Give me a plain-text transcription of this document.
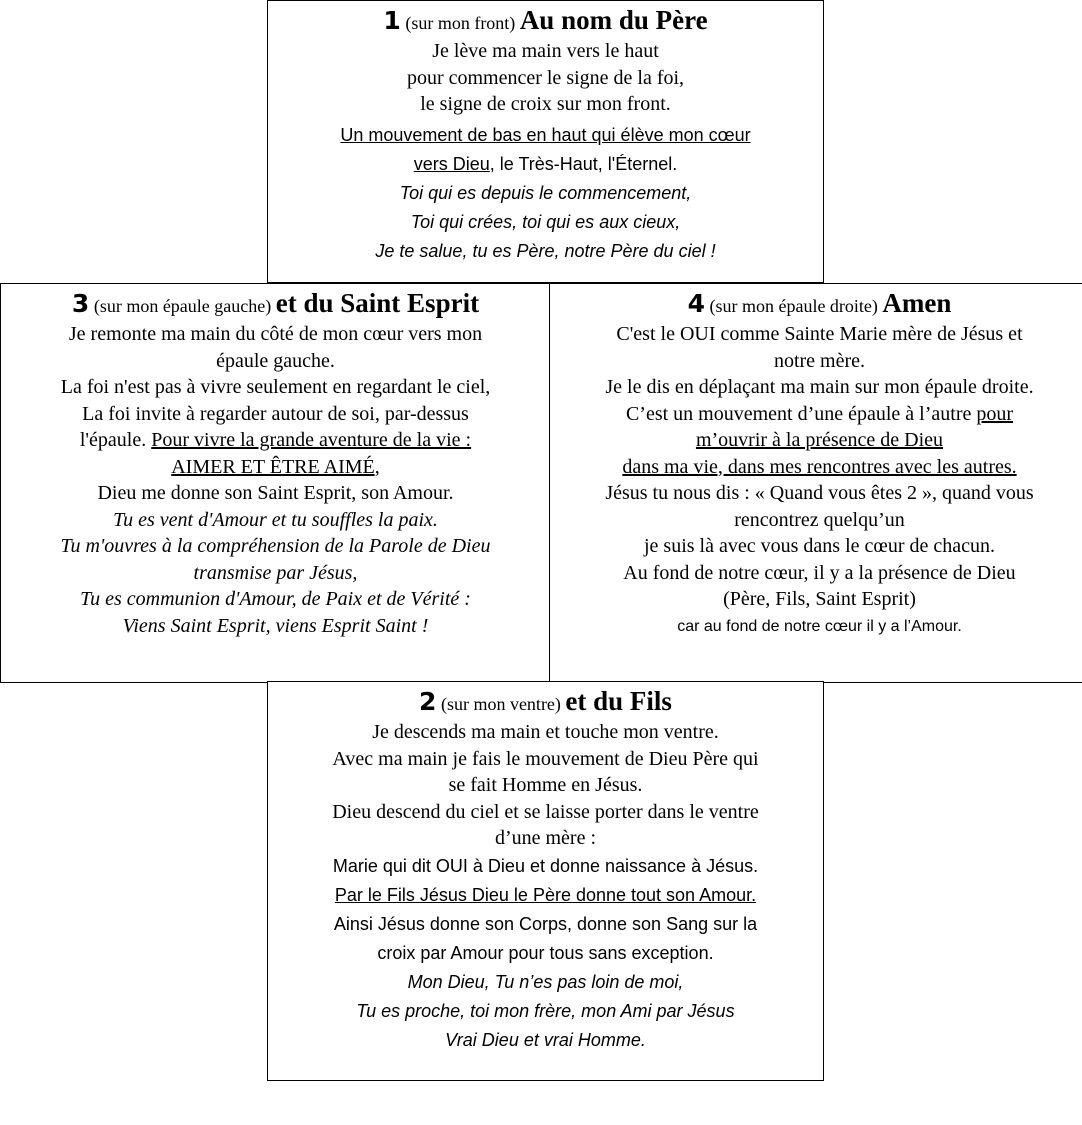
1 (sur mon front) Au nom du Père
Je lève ma main vers le haut
pour commencer le signe de la foi,
le signe de croix sur mon front.
Un mouvement de bas en haut qui élève mon cœur
vers Dieu, le Très-Haut, l'Éternel.
Toi qui es depuis le commencement,
Toi qui crées, toi qui es aux cieux,
Je te salue, tu es Père, notre Père du ciel !
3 (sur mon épaule gauche) et du Saint Esprit
Je remonte ma main du côté de mon cœur vers mon
épaule gauche.
La foi n'est pas à vivre seulement en regardant le ciel,
La foi invite à regarder autour de soi, par-dessus
l'épaule. Pour vivre la grande aventure de la vie :
AIMER ET ÊTRE AIMÉ,
Dieu me donne son Saint Esprit, son Amour.
Tu es vent d'Amour et tu souffles la paix.
Tu m'ouvres à la compréhension de la Parole de Dieu
transmise par Jésus,
Tu es communion d'Amour, de Paix et de Vérité :
Viens Saint Esprit, viens Esprit Saint !
4 (sur mon épaule droite) Amen
C'est le OUI comme Sainte Marie mère de Jésus et
notre mère.
Je le dis en déplaçant ma main sur mon épaule droite.
C’est un mouvement d’une épaule à l’autre pour
m’ouvrir à la présence de Dieu
dans ma vie, dans mes rencontres avec les autres.
Jésus tu nous dis : « Quand vous êtes 2 », quand vous
rencontrez quelqu’un
je suis là avec vous dans le cœur de chacun.
Au fond de notre cœur, il y a la présence de Dieu
(Père, Fils, Saint Esprit)
car au fond de notre cœur il y a l’Amour.
2 (sur mon ventre) et du Fils
Je descends ma main et touche mon ventre.
Avec ma main je fais le mouvement de Dieu Père qui
se fait Homme en Jésus.
Dieu descend du ciel et se laisse porter dans le ventre
d’une mère :
Marie qui dit OUI à Dieu et donne naissance à Jésus.
Par le Fils Jésus Dieu le Père donne tout son Amour.
Ainsi Jésus donne son Corps, donne son Sang sur la
croix par Amour pour tous sans exception.
Mon Dieu, Tu n’es pas loin de moi,
Tu es proche, toi mon frère, mon Ami par Jésus
Vrai Dieu et vrai Homme.
